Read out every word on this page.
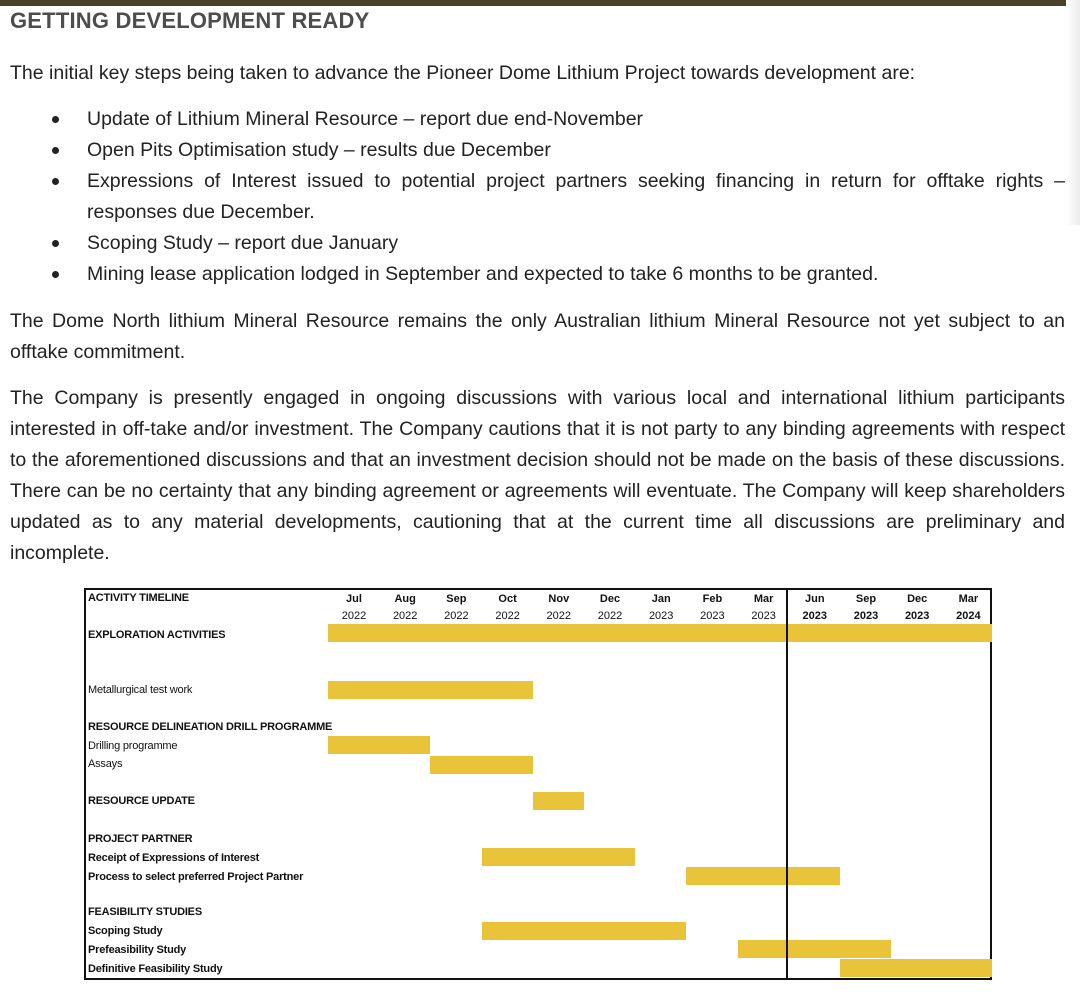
GETTING DEVELOPMENT READY
The initial key steps being taken to advance the Pioneer Dome Lithium Project towards development are:
Update of Lithium Mineral Resource – report due end-November
Open Pits Optimisation study – results due December
Expressions of Interest issued to potential project partners seeking financing in return for offtake rights – responses due December.
Scoping Study – report due January
Mining lease application lodged in September and expected to take 6 months to be granted.
The Dome North lithium Mineral Resource remains the only Australian lithium Mineral Resource not yet subject to an offtake commitment.
The Company is presently engaged in ongoing discussions with various local and international lithium participants interested in off-take and/or investment. The Company cautions that it is not party to any binding agreements with respect to the aforementioned discussions and that an investment decision should not be made on the basis of these discussions. There can be no certainty that any binding agreement or agreements will eventuate. The Company will keep shareholders updated as to any material developments, cautioning that at the current time all discussions are preliminary and incomplete.
ACTIVITY TIMELINE	Jul
2022
Aug
2022
Sep
2022
Oct
2022
Nov
2022
Dec
2022
Jan
2023
Feb
2023
Mar
2023
Jun
2023
Sep
2023
Dec
2023
Mar
2024
EXPLORATION ACTIVITIES
Metallurgical test work
RESOURCE DELINEATION DRILL PROGRAMME
Drilling programme
Assays
RESOURCE UPDATE
PROJECT PARTNER
Receipt of Expressions of Interest
Process to select preferred Project Partner
FEASIBILITY STUDIES
Scoping Study
Prefeasibility Study
Definitive Feasibility Study
